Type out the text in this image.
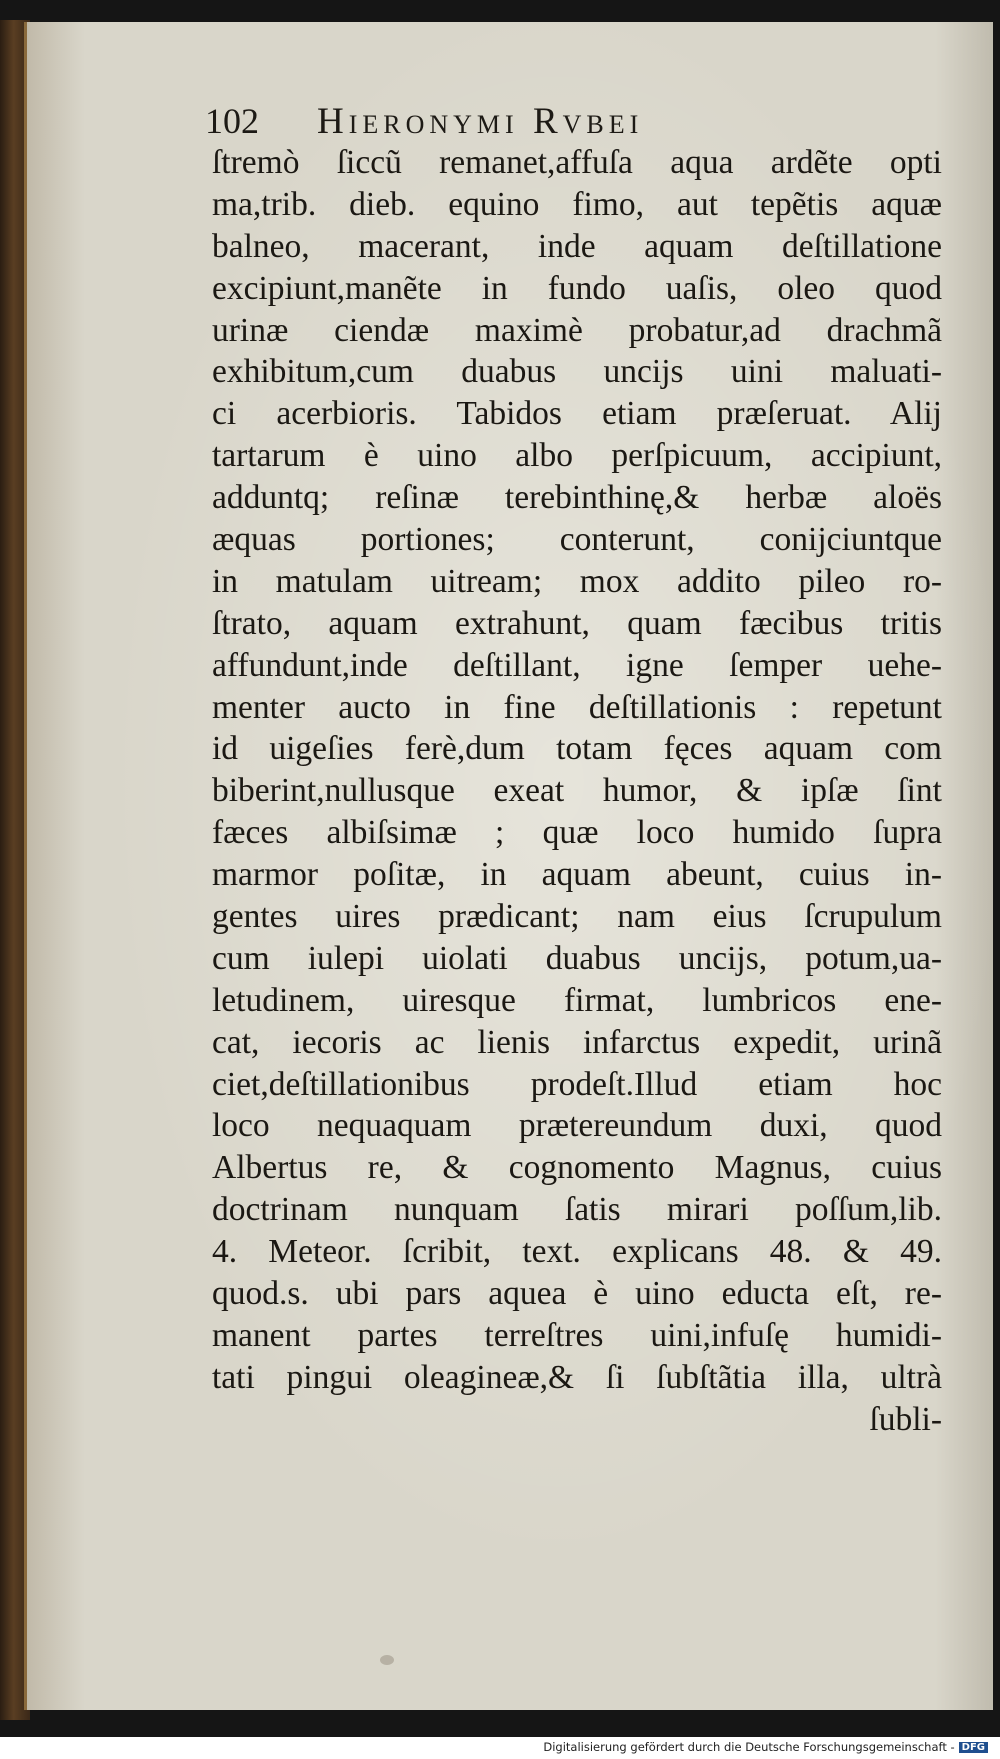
102 Hieronymi Rvbei
ſtremò ſiccũ remanet,affuſa aqua ardẽte opti
ma,trib. dieb. equino fimo, aut tepẽtis aquæ
balneo, macerant, inde aquam deſtillatione
excipiunt,manẽte in fundo uaſis, oleo quod
urinæ ciendæ maximè probatur,ad drachmã
exhibitum,cum duabus uncijs uini maluati-
ci acerbioris. Tabidos etiam præſeruat. Alij
tartarum è uino albo perſpicuum, accipiunt,
adduntq; reſinæ terebinthinę,& herbæ aloës
æquas portiones; conterunt, conijciuntque
in matulam uitream; mox addito pileo ro-
ſtrato, aquam extrahunt, quam fæcibus tritis
affundunt,inde deſtillant, igne ſemper uehe-
menter aucto in fine deſtillationis : repetunt
id uigeſies ferè,dum totam fęces aquam com
biberint,nullusque exeat humor, & ipſæ ſint
fæces albiſsimæ ; quæ loco humido ſupra
marmor poſitæ, in aquam abeunt, cuius in-
gentes uires prædicant; nam eius ſcrupulum
cum iulepi uiolati duabus uncijs, potum,ua-
letudinem, uiresque firmat, lumbricos ene-
cat, iecoris ac lienis infarctus expedit, urinã
ciet,deſtillationibus prodeſt.Illud etiam hoc
loco nequaquam prætereundum duxi, quod
Albertus re, & cognomento Magnus, cuius
doctrinam nunquam ſatis mirari poſſum,lib.
4. Meteor. ſcribit, text. explicans 48. & 49.
quod.s. ubi pars aquea è uino educta eſt, re-
manent partes terreſtres uini,infuſę humidi-
tati pingui oleagineæ,& ſi ſubſtãtia illa, ultrà
ſubli-
Digitalisierung gefördert durch die Deutsche Forschungsgemeinschaft - DFG
